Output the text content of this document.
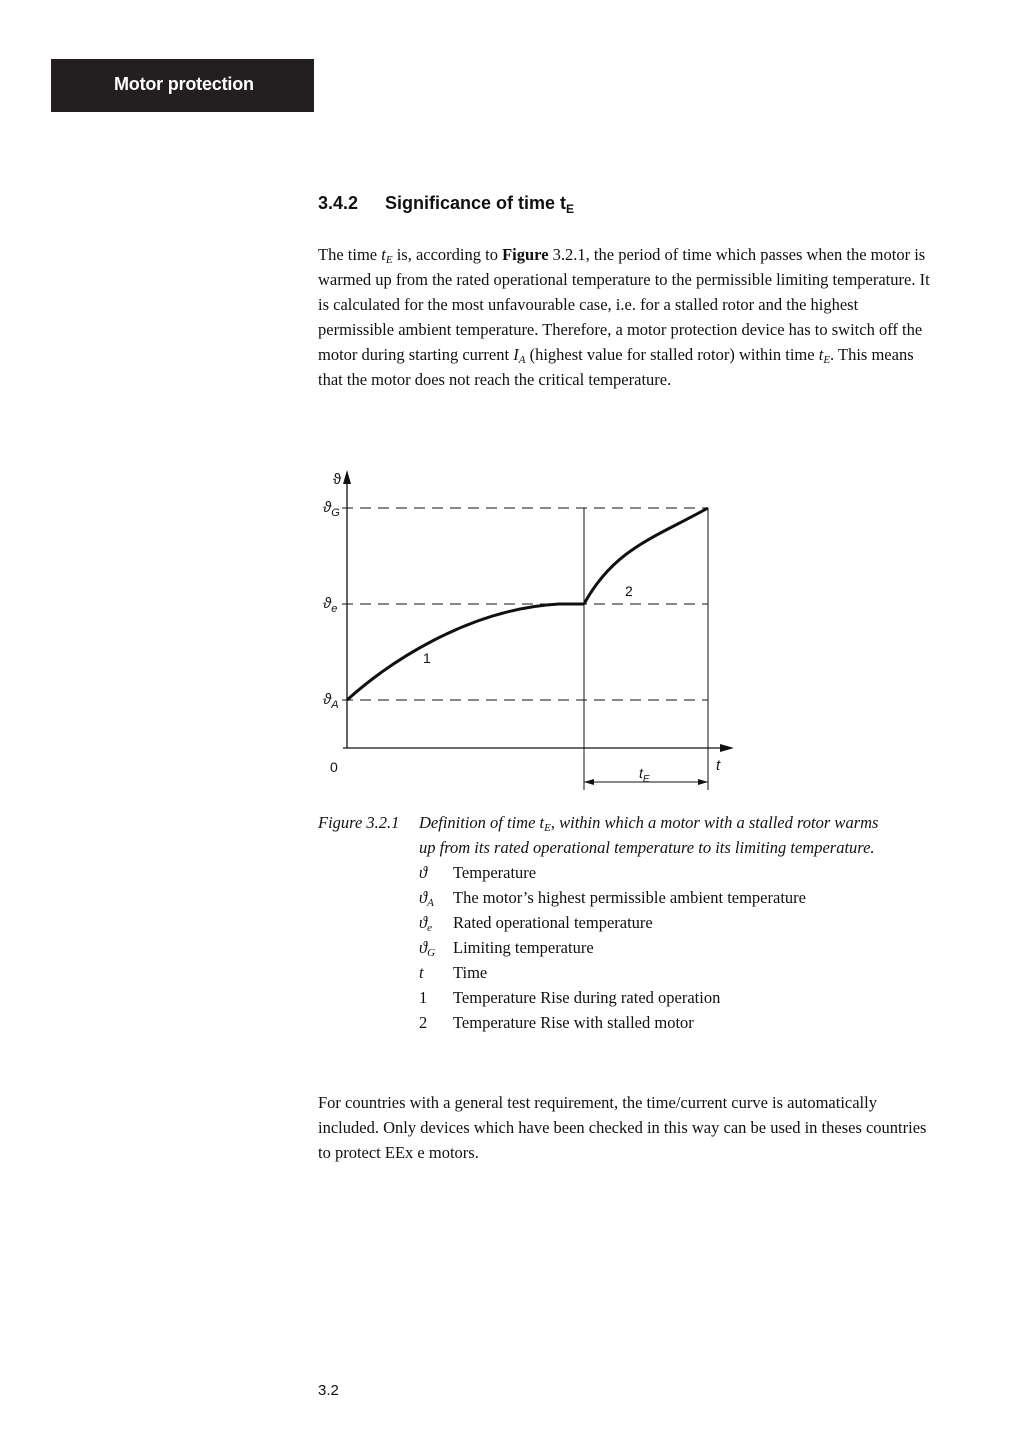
Motor protection
3.4.2 Significance of time $t_E$

The time $t_E$ is, according to Figure 3.2.1, the period of time which passes when the motor is warmed up from the rated operational temperature to the permissible limiting temperature. It is calculated for the most unfavourable case, i.e. for a stalled rotor and the highest permissible ambient temperature. Therefore, a motor protection device has to switch off the motor during starting current $I_A$ (highest value for stalled rotor) within time $t_E$. This means that the motor does not reach the critical temperature.

ϑ
t
0
$ϑ_G$
$ϑ_e$
$ϑ_A$
$t_E$
1
2
Figure 3.2.1	Definition of time $t_E$, within which a motor with a stalled rotor warms up from its rated operational temperature to its limiting temperature.
ϑ	Temperature
$ϑ_A$	The motor’s highest permissible ambient temperature
$ϑ_e$	Rated operational temperature
$ϑ_G$	Limiting temperature
t	Time
1	Temperature Rise during rated operation
2	Temperature Rise with stalled motor

For countries with a general test requirement, the time/current curve is automatically included. Only devices which have been checked in this way can be used in theses countries to protect EEx e motors.

3.2
